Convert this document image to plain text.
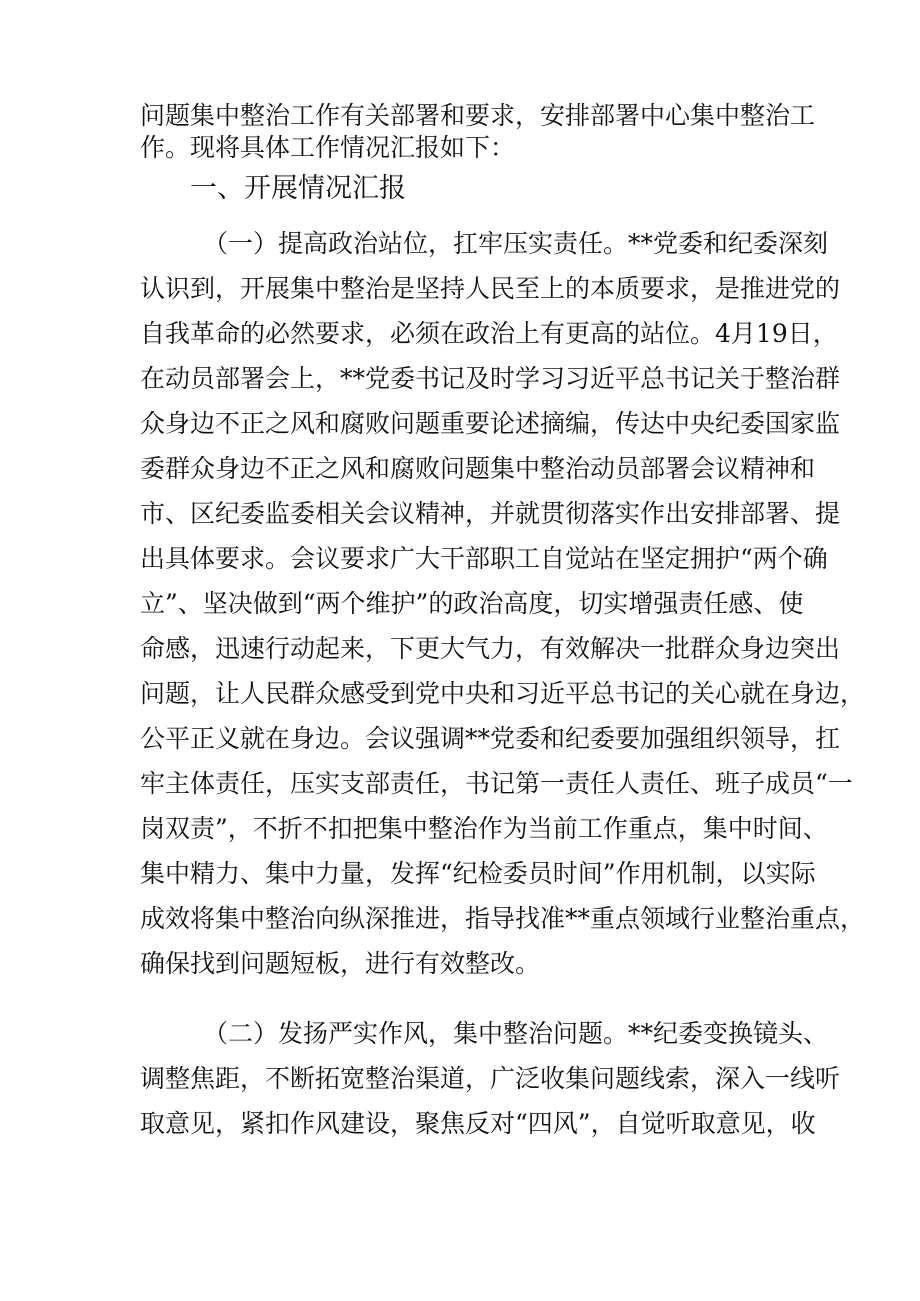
问题集中整治工作有关部署和要求，安排部署中心集中整治工
作。现将具体工作情况汇报如下：
一、开展情况汇报
（一）提高政治站位，扛牢压实责任。**党委和纪委深刻
认识到，开展集中整治是坚持人民至上的本质要求，是推进党的
自我革命的必然要求，必须在政治上有更高的站位。4月19日，
在动员部署会上，**党委书记及时学习习近平总书记关于整治群
众身边不正之风和腐败问题重要论述摘编，传达中央纪委国家监
委群众身边不正之风和腐败问题集中整治动员部署会议精神和
市、区纪委监委相关会议精神，并就贯彻落实作出安排部署、提
出具体要求。会议要求广大干部职工自觉站在坚定拥护“两个确
立”、坚决做到“两个维护”的政治高度，切实增强责任感、使
命感，迅速行动起来，下更大气力，有效解决一批群众身边突出
问题，让人民群众感受到党中央和习近平总书记的关心就在身边，
公平正义就在身边。会议强调**党委和纪委要加强组织领导，扛
牢主体责任，压实支部责任，书记第一责任人责任、班子成员“一
岗双责”，不折不扣把集中整治作为当前工作重点，集中时间、
集中精力、集中力量，发挥“纪检委员时间”作用机制，以实际
成效将集中整治向纵深推进，指导找准**重点领域行业整治重点，
确保找到问题短板，进行有效整改。
（二）发扬严实作风，集中整治问题。**纪委变换镜头、
调整焦距，不断拓宽整治渠道，广泛收集问题线索，深入一线听
取意见，紧扣作风建设，聚焦反对“四风”，自觉听取意见，收
